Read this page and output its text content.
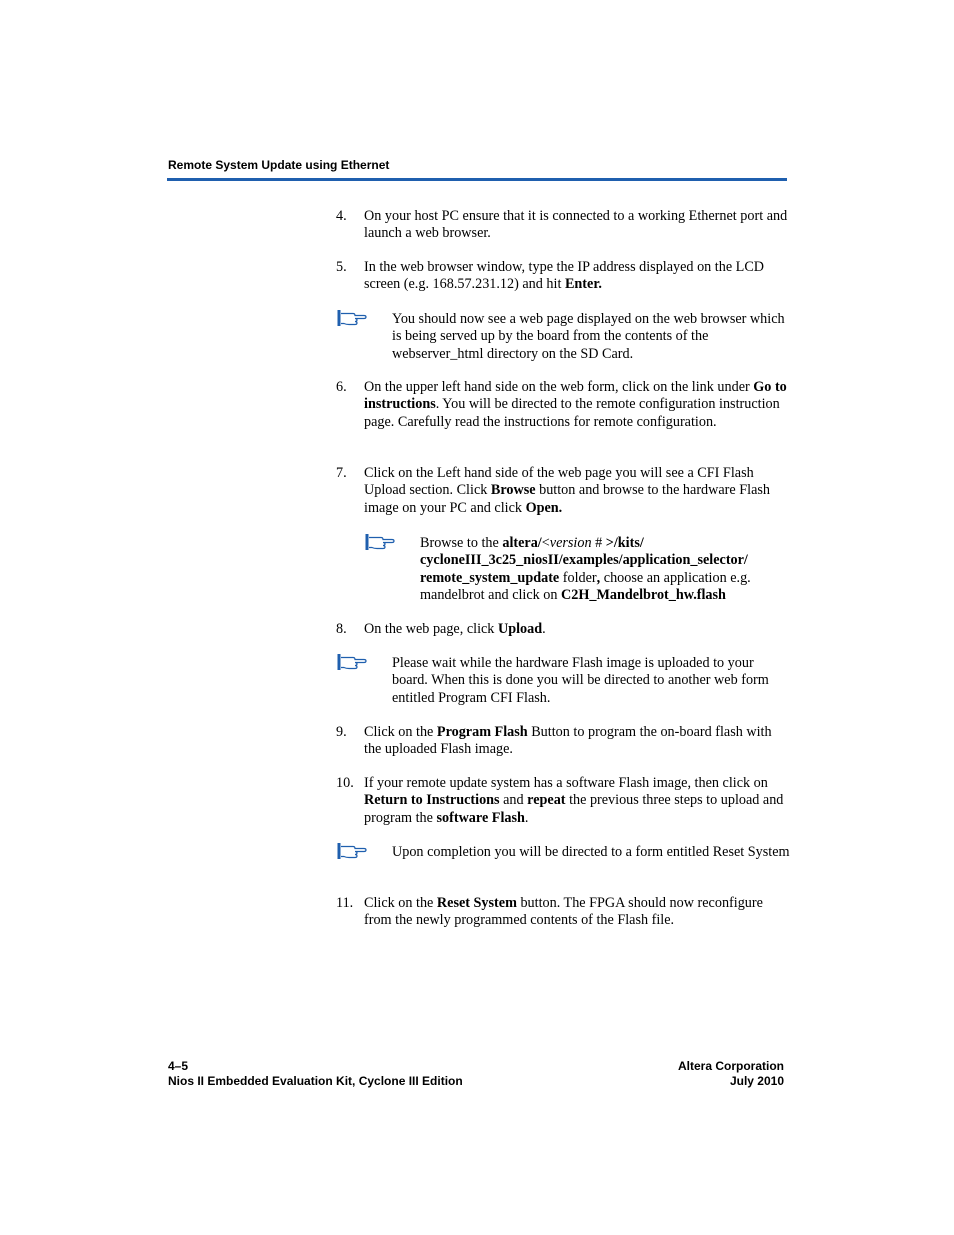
Remote System Update using Ethernet
4. On your host PC ensure that it is connected to a working Ethernet port and launch a web browser.
5. In the web browser window, type the IP address displayed on the LCD screen (e.g. 168.57.231.12) and hit Enter.
You should now see a web page displayed on the web browser which is being served up by the board from the contents of the webserver_html directory on the SD Card.
6. On the upper left hand side on the web form, click on the link under Go to instructions. You will be directed to the remote configuration instruction page. Carefully read the instructions for remote configuration.
7. Click on the Left hand side of the web page you will see a CFI Flash Upload section. Click Browse button and browse to the hardware Flash image on your PC and click Open.
Browse to the altera/<version # >/kits/ cycloneIII_3c25_niosII/examples/application_selector/ remote_system_update folder, choose an application e.g. mandelbrot and click on C2H_Mandelbrot_hw.flash
8. On the web page, click Upload.
Please wait while the hardware Flash image is uploaded to your board. When this is done you will be directed to another web form entitled Program CFI Flash.
9. Click on the Program Flash Button to program the on-board flash with the uploaded Flash image.
10. If your remote update system has a software Flash image, then click on Return to Instructions and repeat the previous three steps to upload and program the software Flash.
Upon completion you will be directed to a form entitled Reset System
11. Click on the Reset System button. The FPGA should now reconfigure from the newly programmed contents of the Flash file.
4–5
Nios II Embedded Evaluation Kit, Cyclone III Edition
Altera Corporation
July 2010
